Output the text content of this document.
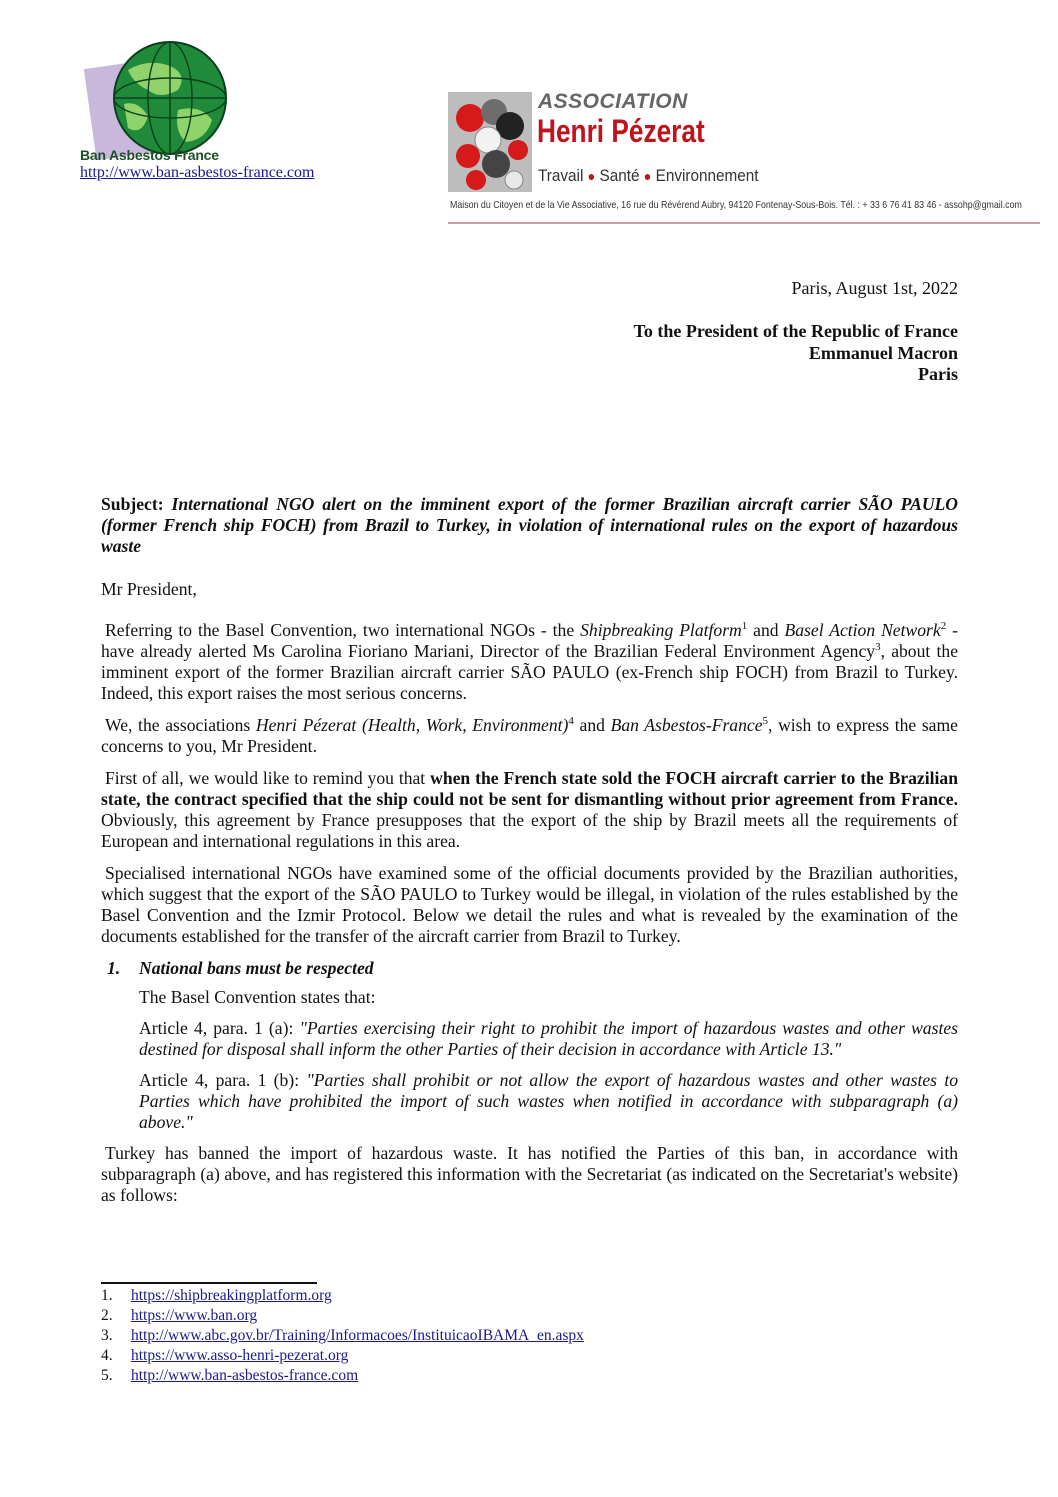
Ban Asbestos France
http://www.ban-asbestos-france.com
ASSOCIATION
Henri Pézerat
Travail ● Santé ● Environnement
Maison du Citoyen et de la Vie Associative, 16 rue du Révérend Aubry, 94120 Fontenay-Sous-Bois. Tél. : + 33 6 76 41 83 46 - assohp@gmail.com
Paris, August 1st, 2022
To the President of the Republic of France
Emmanuel Macron
Paris

Subject: International NGO alert on the imminent export of the former Brazilian aircraft carrier SÃO PAULO (former French ship FOCH) from Brazil to Turkey, in violation of international rules on the export of hazardous waste

Mr President,

Referring to the Basel Convention, two international NGOs - the Shipbreaking Platform$^1$ and Basel Action Network$^2$ - have already alerted Ms Carolina Fioriano Mariani, Director of the Brazilian Federal Environment Agency$^3$, about the imminent export of the former Brazilian aircraft carrier SÃO PAULO (ex-French ship FOCH) from Brazil to Turkey. Indeed, this export raises the most serious concerns.

We, the associations Henri Pézerat (Health, Work, Environment)$^4$ and Ban Asbestos-France$^5$, wish to express the same concerns to you, Mr President.

First of all, we would like to remind you that when the French state sold the FOCH aircraft carrier to the Brazilian state, the contract specified that the ship could not be sent for dismantling without prior agreement from France. Obviously, this agreement by France presupposes that the export of the ship by Brazil meets all the requirements of European and international regulations in this area.

Specialised international NGOs have examined some of the official documents provided by the Brazilian authorities, which suggest that the export of the SÃO PAULO to Turkey would be illegal, in violation of the rules established by the Basel Convention and the Izmir Protocol. Below we detail the rules and what is revealed by the examination of the documents established for the transfer of the aircraft carrier from Brazil to Turkey.

1.	National bans must be respected

The Basel Convention states that:

Article 4, para. 1 (a): "Parties exercising their right to prohibit the import of hazardous wastes and other wastes destined for disposal shall inform the other Parties of their decision in accordance with Article 13."

Article 4, para. 1 (b): "Parties shall prohibit or not allow the export of hazardous wastes and other wastes to Parties which have prohibited the import of such wastes when notified in accordance with subparagraph (a) above."

Turkey has banned the import of hazardous waste. It has notified the Parties of this ban, in accordance with subparagraph (a) above, and has registered this information with the Secretariat (as indicated on the Secretariat's website) as follows:

1.	https://shipbreakingplatform.org
2.	https://www.ban.org
3.	http://www.abc.gov.br/Training/Informacoes/InstituicaoIBAMA_en.aspx
4.	https://www.asso-henri-pezerat.org
5.	http://www.ban-asbestos-france.com
